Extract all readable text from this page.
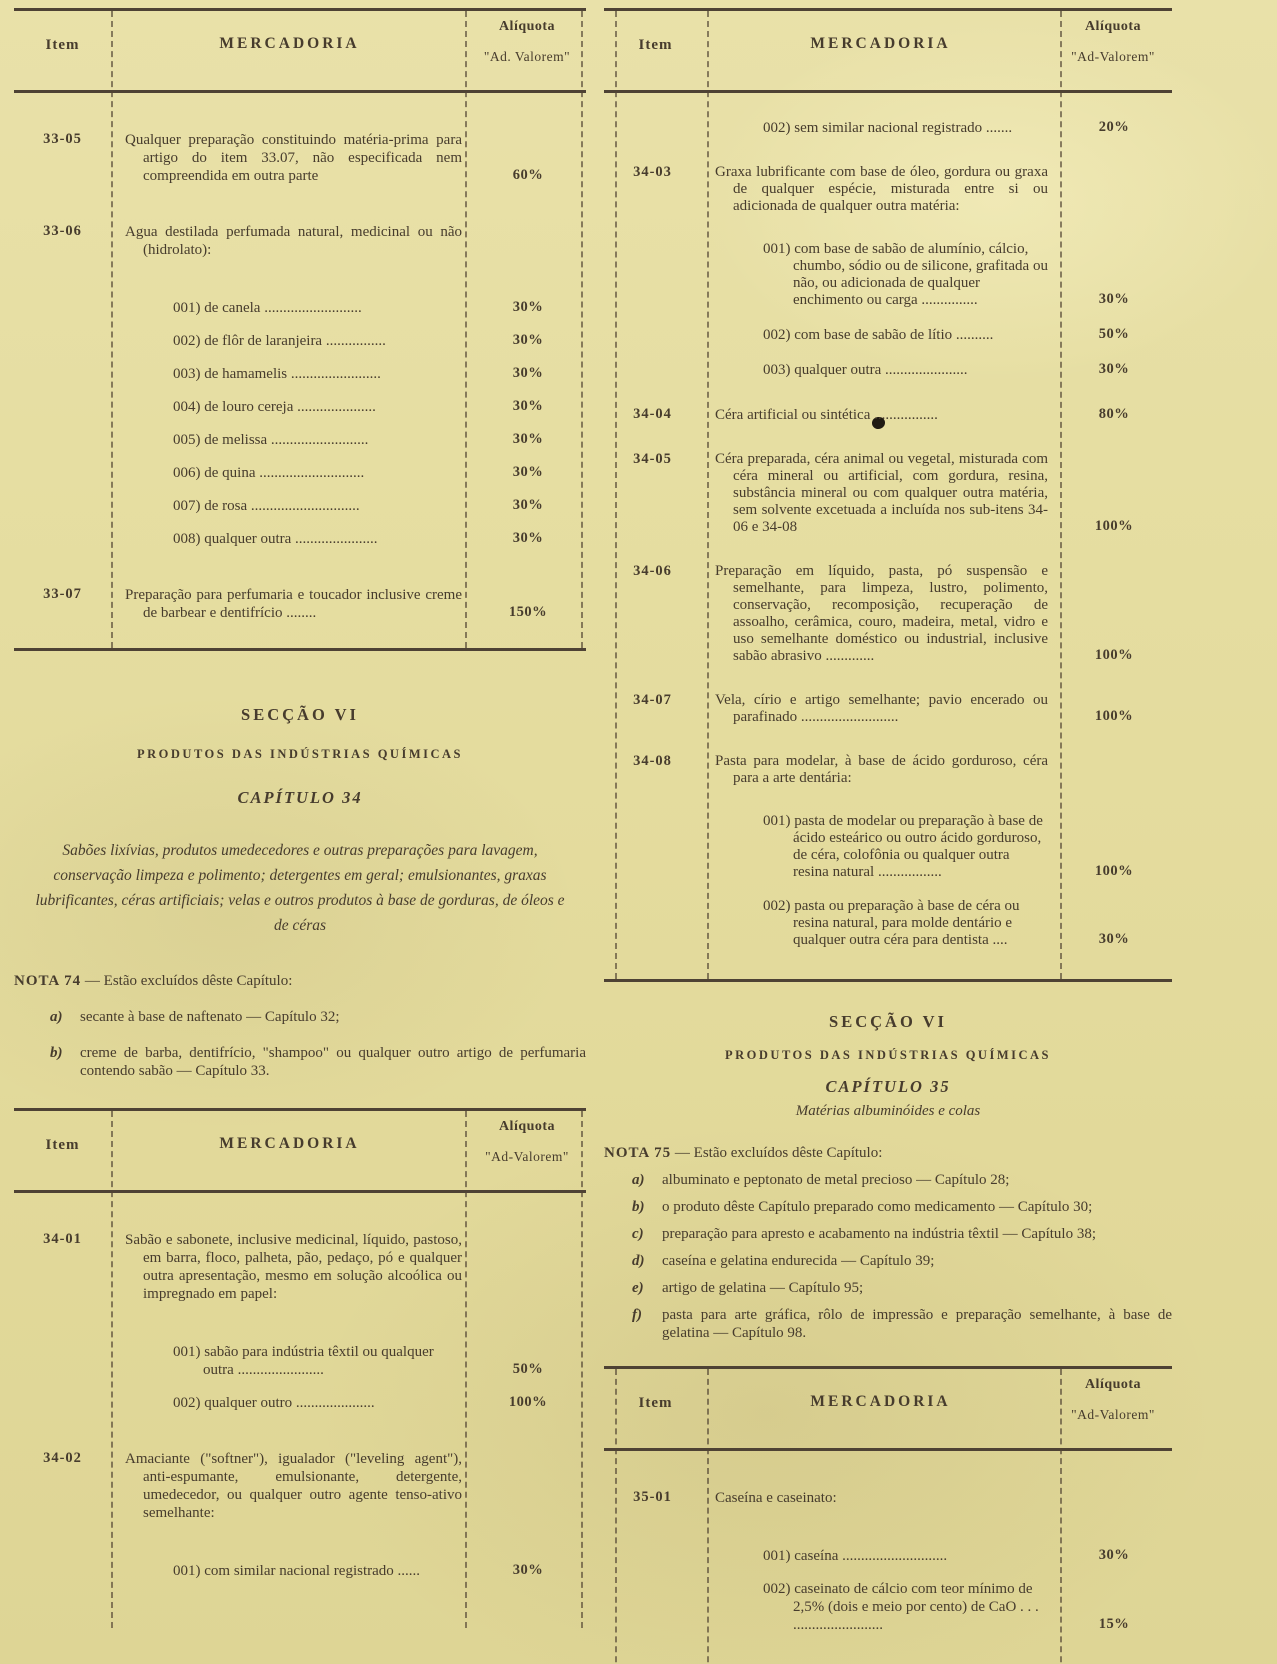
Item	MERCADORIA
Alíquota
"Ad. Valorem"
33-05	Qualquer preparação constituindo matéria-prima para artigo do item 33.07, não especificada nem compreendida em outra parte	60%
33-06	Agua destilada perfumada natural, medicinal ou não (hidrolato):
001) de canela ..........................	30%
002) de flôr de laranjeira ................	30%
003) de hamamelis ........................	30%
004) de louro cereja .....................	30%
005) de melissa ..........................	30%
006) de quina ............................	30%
007) de rosa .............................	30%
008) qualquer outra ......................	30%
33-07	Preparação para perfumaria e toucador inclusive creme de barbear e dentifrício ........	150%
SECÇÃO VI
PRODUTOS DAS INDÚSTRIAS QUÍMICAS
CAPÍTULO 34
Sabões lixívias, produtos umedecedores e outras preparações para lavagem, conservação limpeza e polimento; detergentes em geral; emulsionantes, graxas lubrificantes, céras artificiais; velas e outros produtos à base de gorduras, de óleos e de céras
NOTA 74 — Estão excluídos dêste Capítulo:
a)	secante à base de naftenato — Capítulo 32;
b)	creme de barba, dentifrício, "shampoo" ou qualquer outro artigo de perfumaria contendo sabão — Capítulo 33.
Item	MERCADORIA
Alíquota
"Ad-Valorem"
34-01	Sabão e sabonete, inclusive medicinal, líquido, pastoso, em barra, floco, palheta, pão, pedaço, pó e qualquer outra apresentação, mesmo em solução alcoólica ou impregnado em papel:
001) sabão para indústria têxtil ou qualquer outra .......................	50%
002) qualquer outro .....................	100%
34-02	Amaciante ("softner"), igualador ("leveling agent"), anti-espumante, emulsionante, detergente, umedecedor, ou qualquer outro agente tenso-ativo semelhante:
001) com similar nacional registrado ......	30%
Item	MERCADORIA
Alíquota
"Ad-Valorem"
002) sem similar nacional registrado .......	20%
34-03	Graxa lubrificante com base de óleo, gordura ou graxa de qualquer espécie, misturada entre si ou adicionada de qualquer outra matéria:
001) com base de sabão de alumínio, cálcio, chumbo, sódio ou de silicone, grafitada ou não, ou adicionada de qualquer enchimento ou carga ...............	30%
002) com base de sabão de lítio ..........	50%
003) qualquer outra ......................	30%
34-04	Céra artificial ou sintética .................	80%
34-05	Céra preparada, céra animal ou vegetal, misturada com céra mineral ou artificial, com gordura, resina, substância mineral ou com qualquer outra matéria, sem solvente excetuada a incluída nos sub-itens 34-06 e 34-08	100%
34-06	Preparação em líquido, pasta, pó suspensão e semelhante, para limpeza, lustro, polimento, conservação, recomposição, recuperação de assoalho, cerâmica, couro, madeira, metal, vidro e uso semelhante doméstico ou industrial, inclusive sabão abrasivo .............	100%
34-07	Vela, círio e artigo semelhante; pavio encerado ou parafinado ..........................	100%
34-08	Pasta para modelar, à base de ácido gorduroso, céra para a arte dentária:
001) pasta de modelar ou preparação à base de ácido esteárico ou outro ácido gorduroso, de céra, colofônia ou qualquer outra resina natural .................	100%
002) pasta ou preparação à base de céra ou resina natural, para molde dentário e qualquer outra céra para dentista ....	30%
SECÇÃO VI
PRODUTOS DAS INDÚSTRIAS QUÍMICAS
CAPÍTULO 35
Matérias albuminóides e colas
NOTA 75 — Estão excluídos dêste Capítulo:
a)	albuminato e peptonato de metal precioso — Capítulo 28;
b)	o produto dêste Capítulo preparado como medicamento — Capítulo 30;
c)	preparação para apresto e acabamento na indústria têxtil — Capítulo 38;
d)	caseína e gelatina endurecida — Capítulo 39;
e)	artigo de gelatina — Capítulo 95;
f)	pasta para arte gráfica, rôlo de impressão e preparação semelhante, à base de gelatina — Capítulo 98.
Item	MERCADORIA
Alíquota
"Ad-Valorem"
35-01	Caseína e caseinato:
001) caseína ............................	30%
002) caseinato de cálcio com teor mínimo de 2,5% (dois e meio por cento) de CaO . . . ........................	15%
